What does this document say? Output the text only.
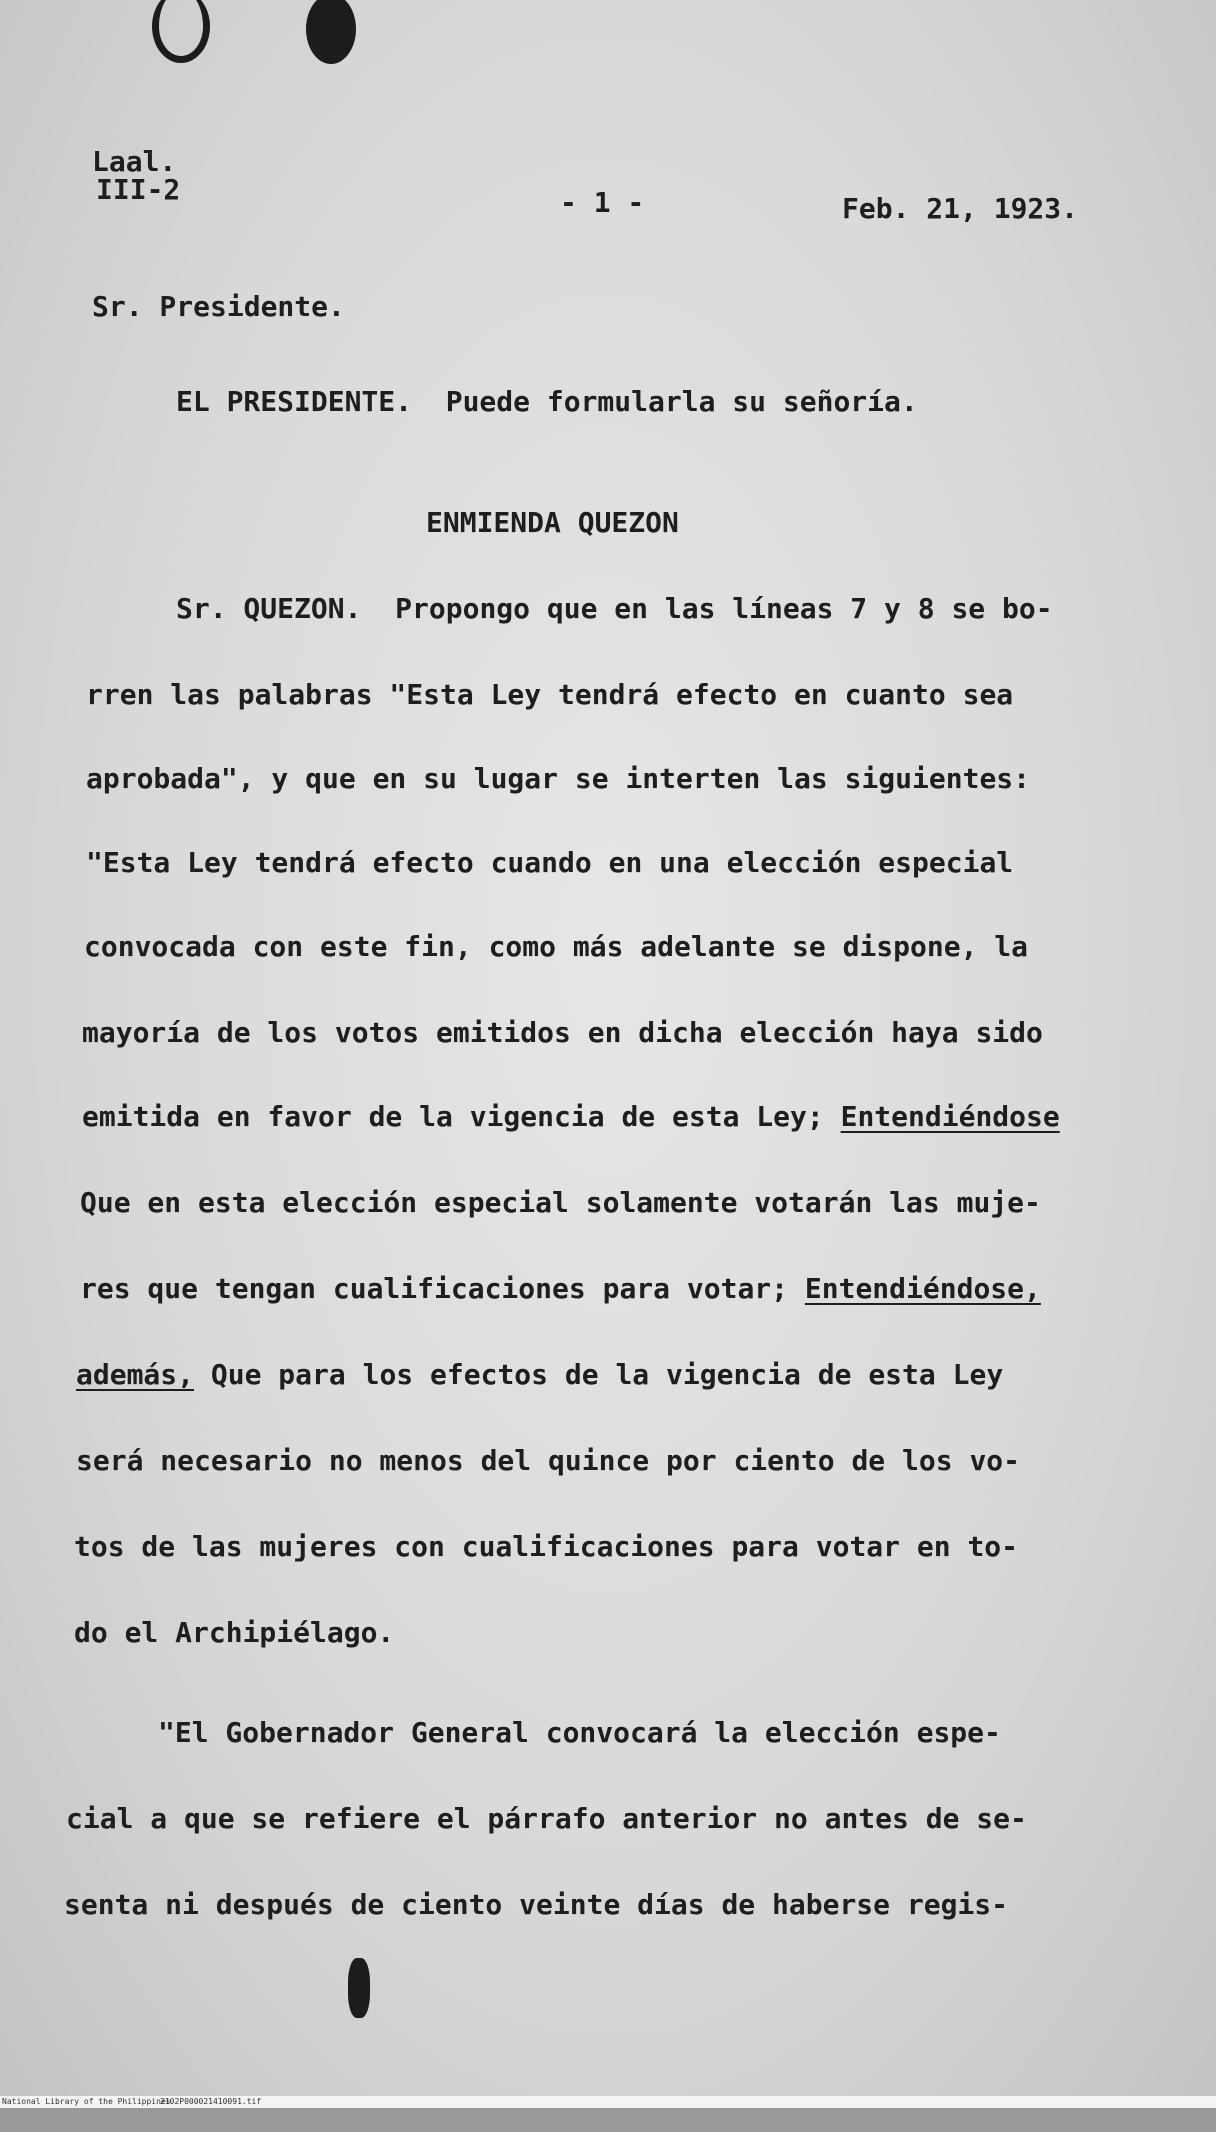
Laal.
III-2	- 1 -	Feb. 21, 1923.
Sr. Presidente.
EL PRESIDENTE.  Puede formularla su señoría.
ENMIENDA QUEZON
Sr. QUEZON.  Propongo que en las líneas 7 y 8 se bo-
rren las palabras "Esta Ley tendrá efecto en cuanto sea
aprobada", y que en su lugar se interten las siguientes:
"Esta Ley tendrá efecto cuando en una elección especial
convocada con este fin, como más adelante se dispone, la
mayoría de los votos emitidos en dicha elección haya sido
emitida en favor de la vigencia de esta Ley; Entendiéndose
Que en esta elección especial solamente votarán las muje-
res que tengan cualificaciones para votar; Entendiéndose,
además, Que para los efectos de la vigencia de esta Ley
será necesario no menos del quince por ciento de los vo-
tos de las mujeres con cualificaciones para votar en to-
do el Archipiélago.
"El Gobernador General convocará la elección espe-
cial a que se refiere el párrafo anterior no antes de se-
senta ni después de ciento veinte días de haberse regis-

National Library of the Philippines

2102P000021410091.tif
